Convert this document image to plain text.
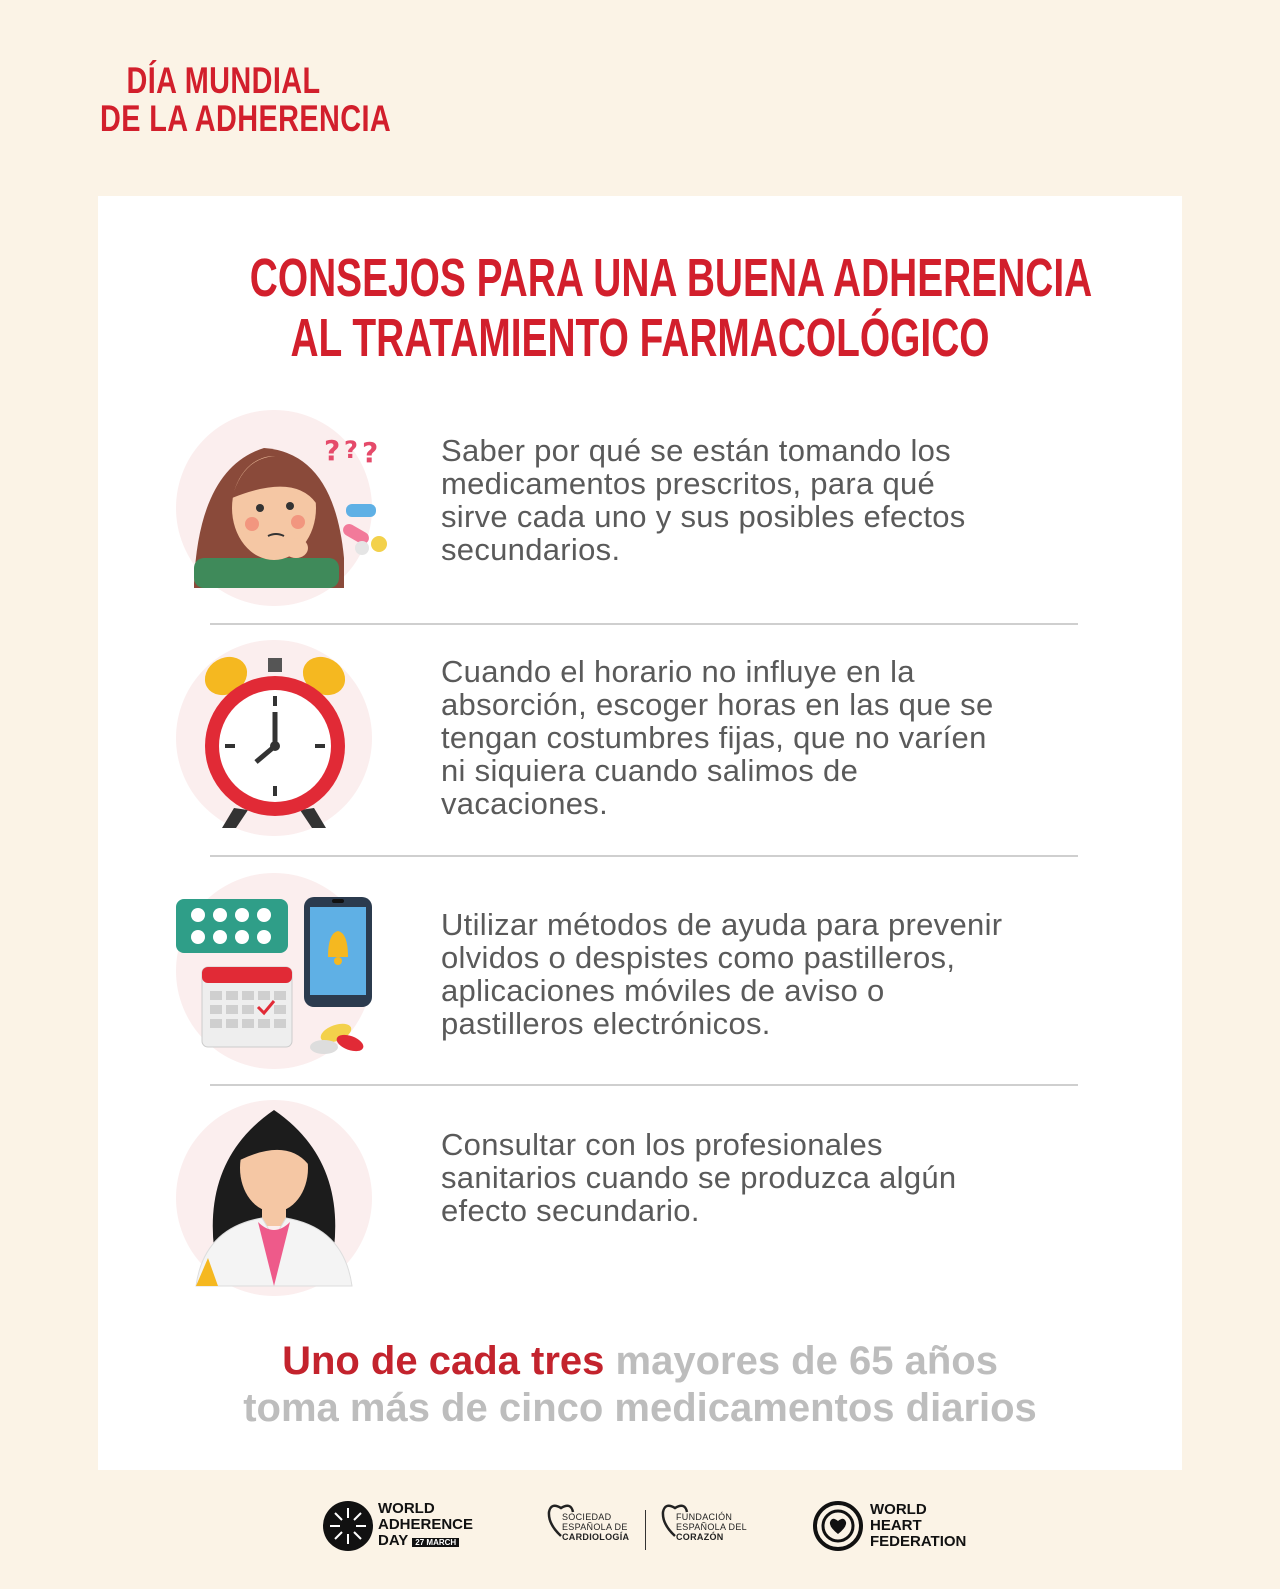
DÍA MUNDIAL
DE LA ADHERENCIA
CONSEJOS PARA UNA BUENA ADHERENCIA
AL TRATAMIENTO FARMACOLÓGICO
? ? ? Saber por qué se están tomando los
medicamentos prescritos, para qué
sirve cada uno y sus posibles efectos
secundarios.
Cuando el horario no influye en la
absorción, escoger horas en las que se
tengan costumbres fijas, que no varíen
ni siquiera cuando salimos de
vacaciones.
Utilizar métodos de ayuda para prevenir
olvidos o despistes como pastilleros,
aplicaciones móviles de aviso o
pastilleros electrónicos.
Consultar con los profesionales
sanitarios cuando se produzca algún
efecto secundario.
Uno de cada tres mayores de 65 años
toma más de cinco medicamentos diarios
WORLD
ADHERENCE
DAY 27 MARCH
SOCIEDAD
ESPAÑOLA DE
CARDIOLOGÍA
FUNDACIÓN
ESPAÑOLA DEL
CORAZÓN
WORLD
HEART
FEDERATION
